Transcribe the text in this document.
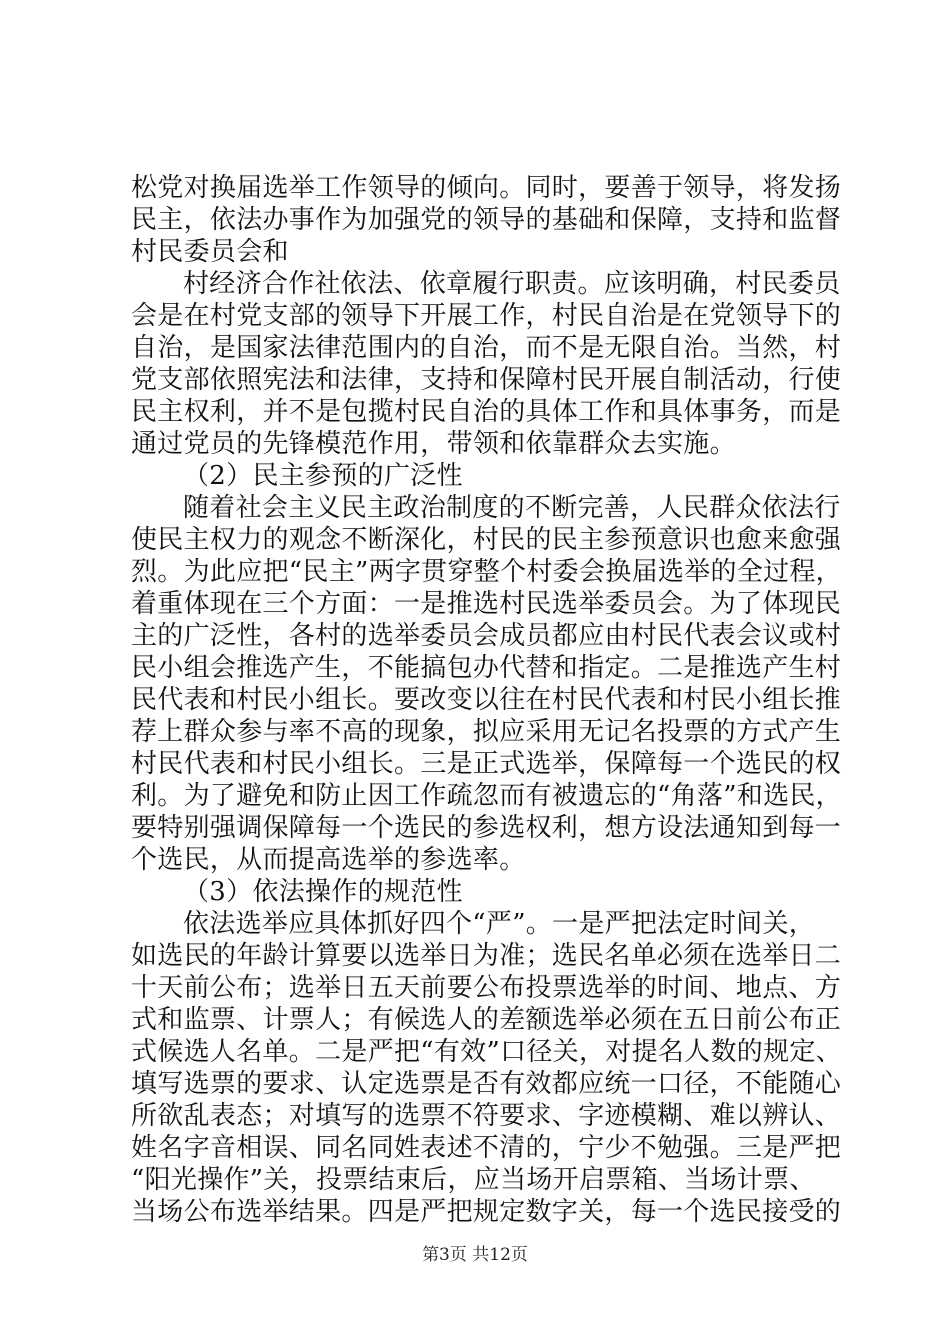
松党对换届选举工作领导的倾向。同时，要善于领导，将发扬
民主，依法办事作为加强党的领导的基础和保障，支持和监督
村民委员会和
村经济合作社依法、依章履行职责。应该明确，村民委员
会是在村党支部的领导下开展工作，村民自治是在党领导下的
自治，是国家法律范围内的自治，而不是无限自治。当然，村
党支部依照宪法和法律，支持和保障村民开展自制活动，行使
民主权利，并不是包揽村民自治的具体工作和具体事务，而是
通过党员的先锋模范作用，带领和依靠群众去实施。
（2）民主参预的广泛性
随着社会主义民主政治制度的不断完善，人民群众依法行
使民主权力的观念不断深化，村民的民主参预意识也愈来愈强
烈。为此应把“民主”两字贯穿整个村委会换届选举的全过程，
着重体现在三个方面：一是推选村民选举委员会。为了体现民
主的广泛性，各村的选举委员会成员都应由村民代表会议或村
民小组会推选产生，不能搞包办代替和指定。二是推选产生村
民代表和村民小组长。要改变以往在村民代表和村民小组长推
荐上群众参与率不高的现象，拟应采用无记名投票的方式产生
村民代表和村民小组长。三是正式选举，保障每一个选民的权
利。为了避免和防止因工作疏忽而有被遗忘的“角落”和选民，
要特别强调保障每一个选民的参选权利，想方设法通知到每一
个选民，从而提高选举的参选率。
（3）依法操作的规范性
依法选举应具体抓好四个“严”。一是严把法定时间关，
如选民的年龄计算要以选举日为准；选民名单必须在选举日二
十天前公布；选举日五天前要公布投票选举的时间、地点、方
式和监票、计票人；有候选人的差额选举必须在五日前公布正
式候选人名单。二是严把“有效”口径关，对提名人数的规定、
填写选票的要求、认定选票是否有效都应统一口径，不能随心
所欲乱表态；对填写的选票不符要求、字迹模糊、难以辨认、
姓名字音相误、同名同姓表述不清的，宁少不勉强。三是严把
“阳光操作”关，投票结束后，应当场开启票箱、当场计票、
当场公布选举结果。四是严把规定数字关，每一个选民接受的
第3页 共12页
